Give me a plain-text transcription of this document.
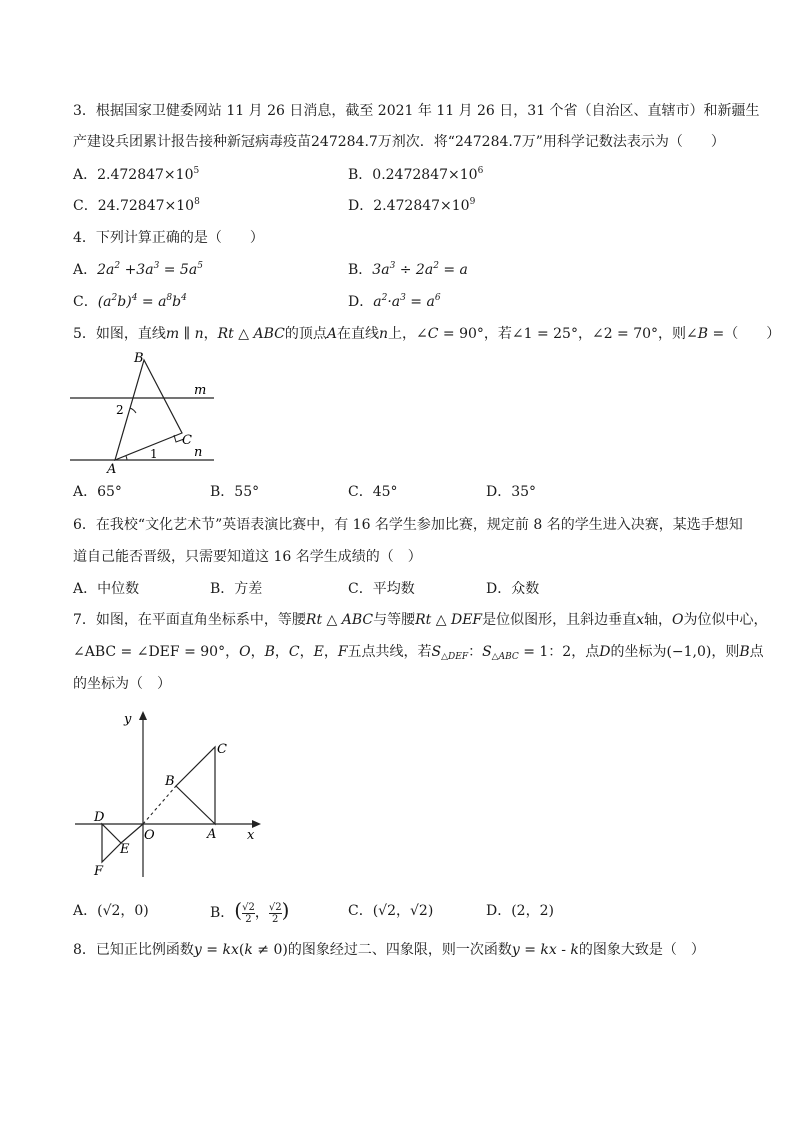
3．根据国家卫健委网站 11 月 26 日消息，截至 2021 年 11 月 26 日，31 个省（自治区、直辖市）和新疆生
产建设兵团累计报告接种新冠病毒疫苗247284.7万剂次．将“247284.7万”用科学记数法表示为（　　）
A．$2.472847\times 10^5$	B．$0.2472847\times 10^6$
C．$24.72847\times 10^8$	D．$2.472847\times 10^9$
4．下列计算正确的是（　　）
A．$2a^2 +3a^3 = 5a^5$	B．$3a^3 \div 2a^2 = a$
C．$(a^2b)^4 = a^8b^4$	D．$a^2\cdot a^3 = a^6$
5．如图，直线m ∥ n，Rt △ ABC的顶点A在直线n上，∠C = 90°，若∠1 = 25°，∠2 = 70°，则∠B =（　　）
B
m
2
C
1	n
A
A．65°	B．55°	C．45°	D．35°
6．在我校“文化艺术节”英语表演比赛中，有 16 名学生参加比赛，规定前 8 名的学生进入决赛，某选手想知
道自己能否晋级，只需要知道这 16 名学生成绩的（　）
A．中位数	B．方差	C．平均数	D．众数
7．如图，在平面直角坐标系中，等腰Rt △ ABC与等腰Rt △ DEF是位似图形，且斜边垂直x轴，O为位似中心，
∠ABC = ∠DEF = 90°，O，B，C，E，F五点共线，若$S_{\triangle DEF}$：$S_{\triangle ABC} = 1$：2，点D的坐标为(−1,0)，则B点
的坐标为（　）
y
x
O	A
B
C
D
E
F
A．(√2，0)	B．( $\frac{√2}{2}$ ， $\frac{√2}{2}$ )	C．(√2，√2)	D．(2，2)
8．已知正比例函数y = kx(k ≠ 0)的图象经过二、四象限，则一次函数y = kx - k的图象大致是（　）
